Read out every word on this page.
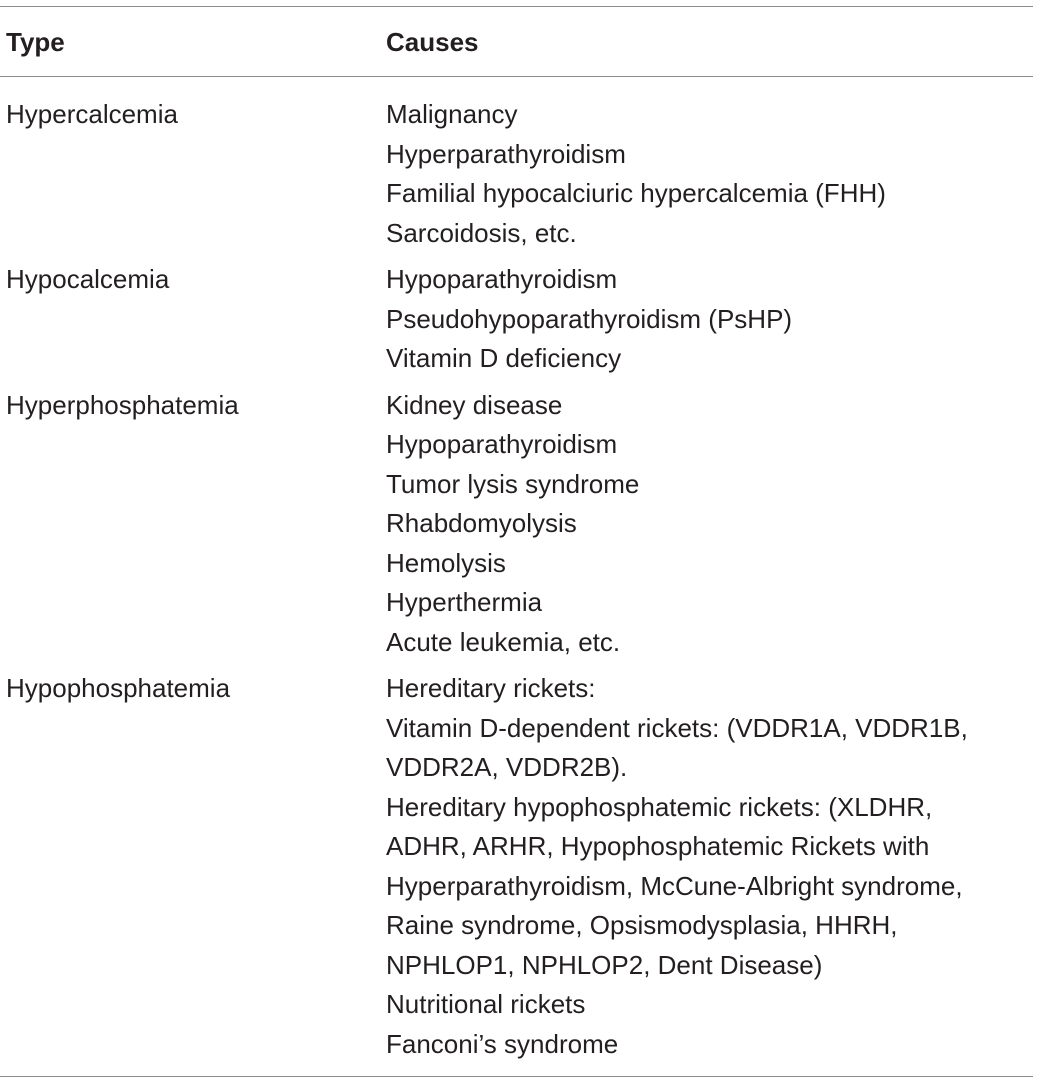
Type	Causes
Hypercalcemia	Malignancy
Hyperparathyroidism
Familial hypocalciuric hypercalcemia (FHH)
Sarcoidosis, etc.
Hypocalcemia	Hypoparathyroidism
Pseudohypoparathyroidism (PsHP)
Vitamin D deficiency
Hyperphosphatemia	Kidney disease
Hypoparathyroidism
Tumor lysis syndrome
Rhabdomyolysis
Hemolysis
Hyperthermia
Acute leukemia, etc.
Hypophosphatemia	Hereditary rickets:
Vitamin D-dependent rickets: (VDDR1A, VDDR1B,
VDDR2A, VDDR2B).
Hereditary hypophosphatemic rickets: (XLDHR,
ADHR, ARHR, Hypophosphatemic Rickets with
Hyperparathyroidism, McCune-Albright syndrome,
Raine syndrome, Opsismodysplasia, HHRH,
NPHLOP1, NPHLOP2, Dent Disease)
Nutritional rickets
Fanconi’s syndrome
